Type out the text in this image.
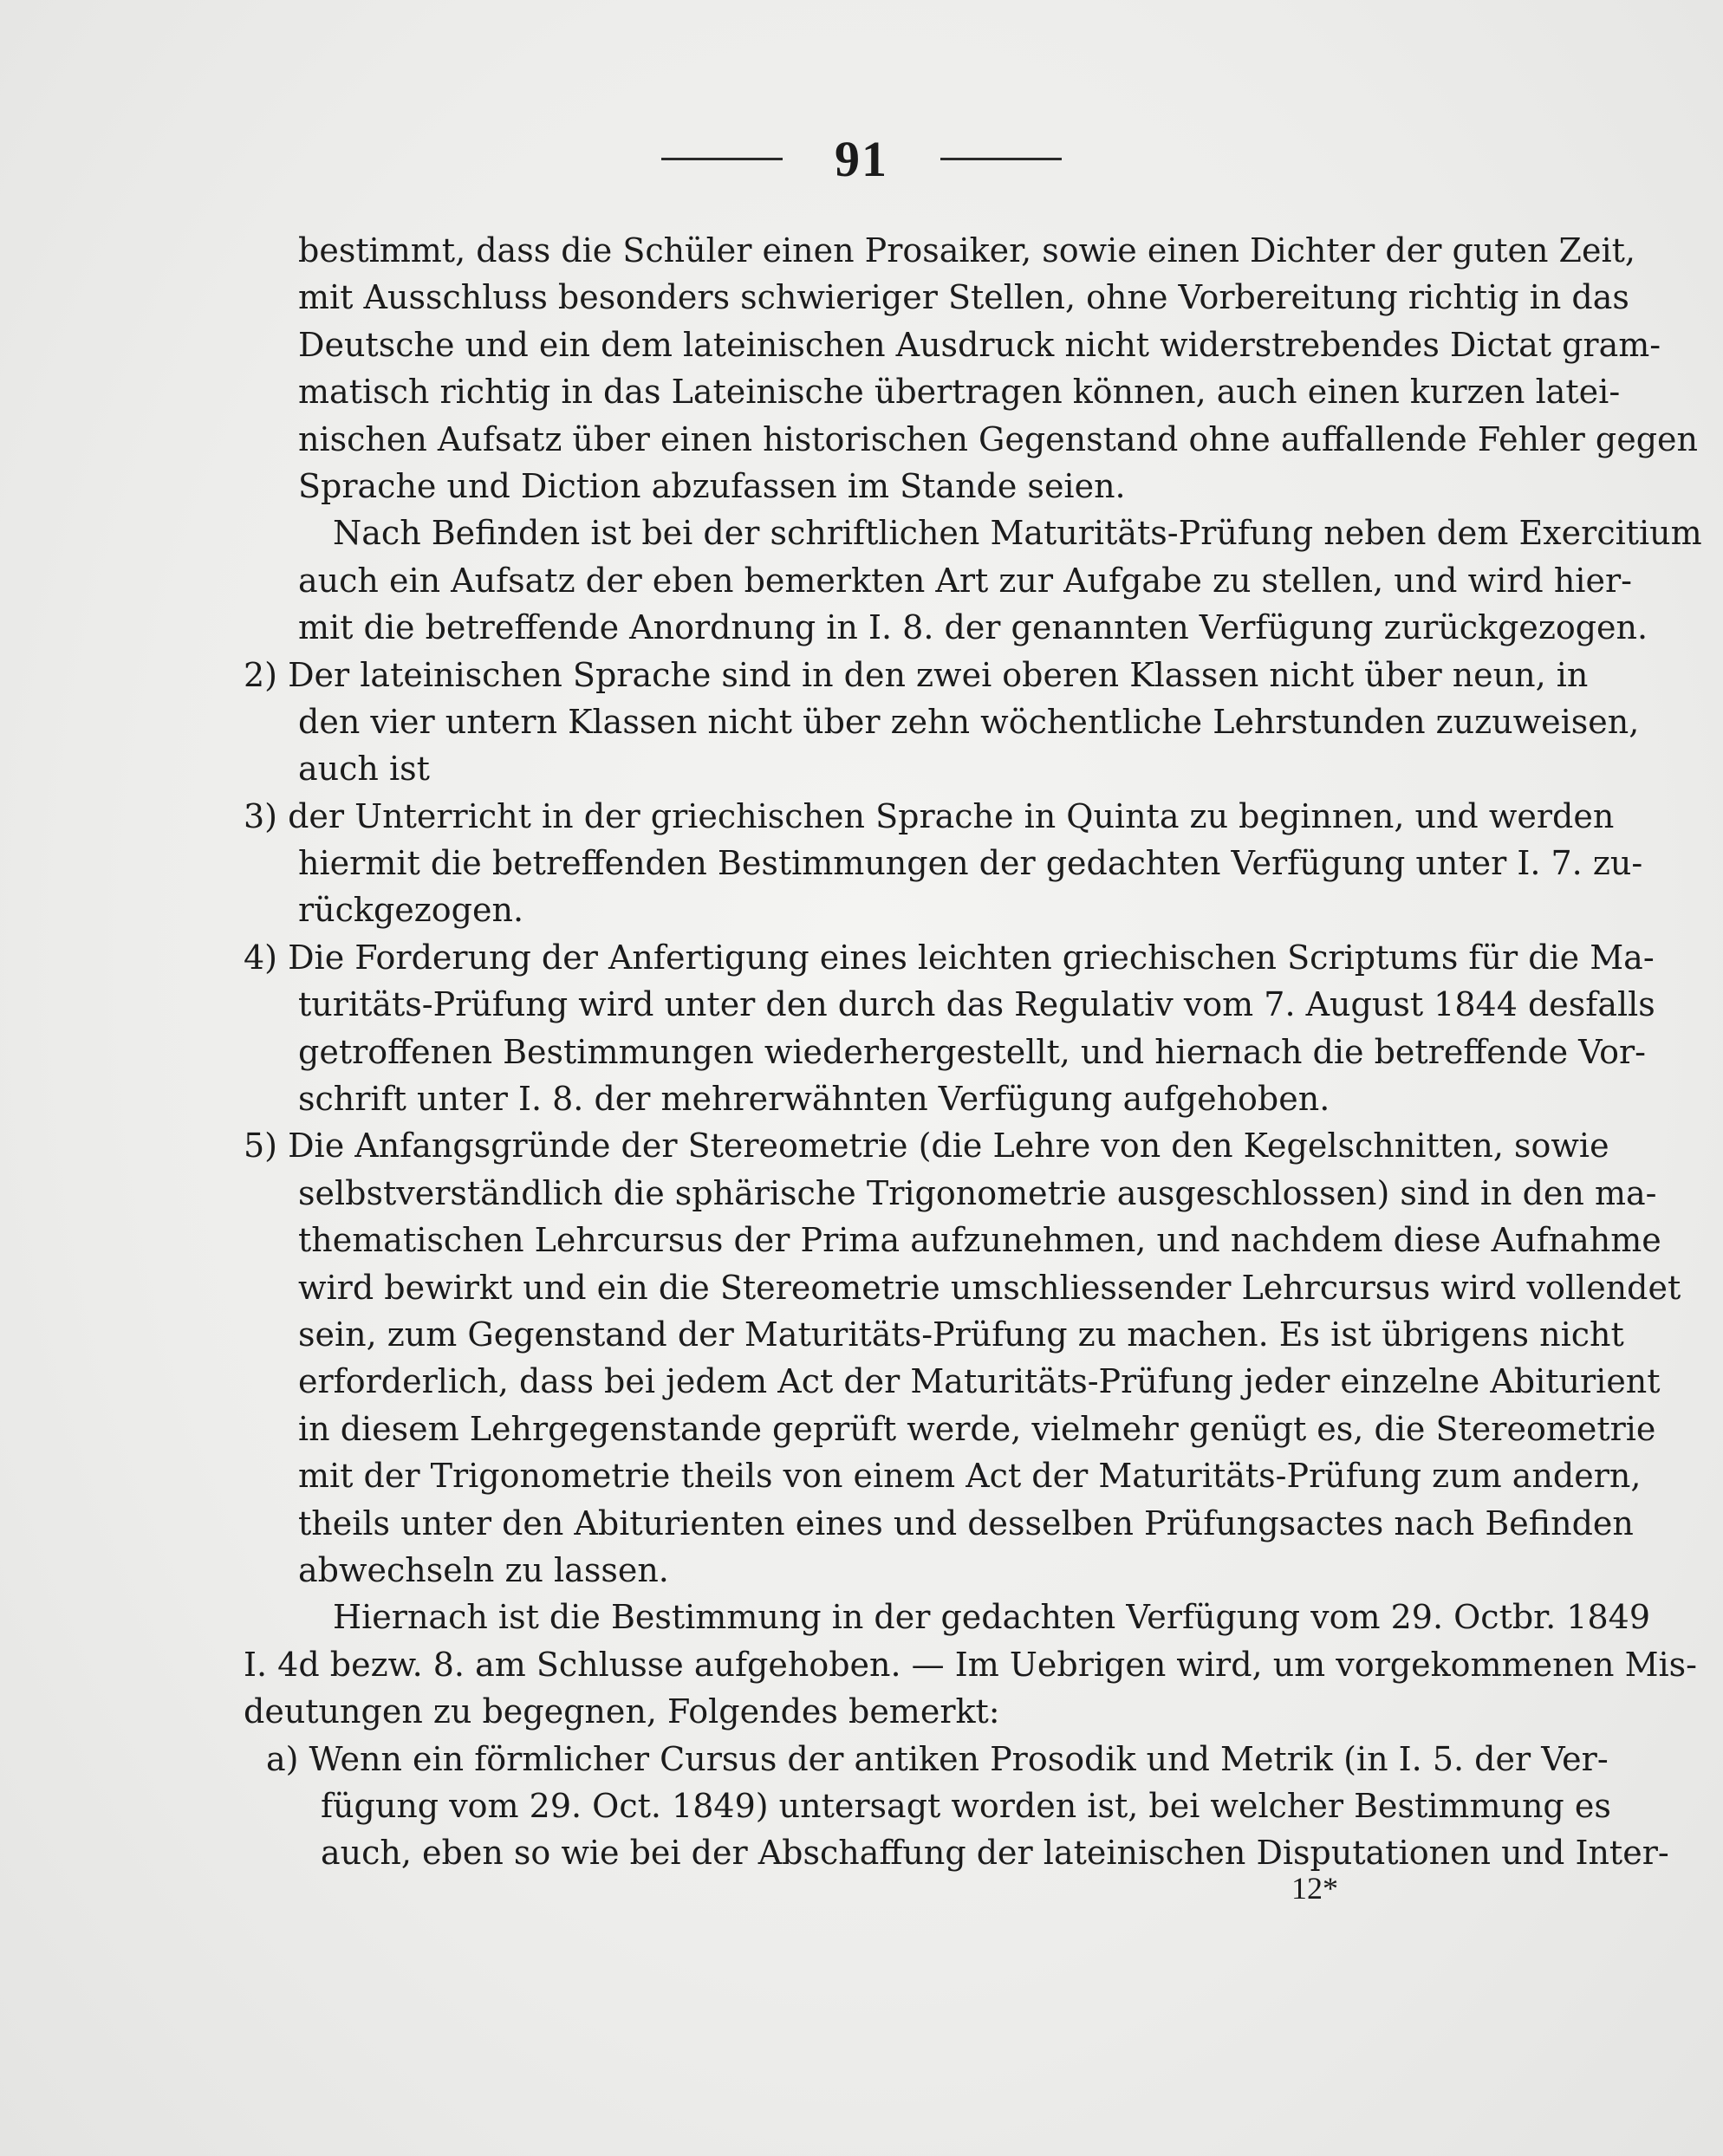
91
bestimmt, dass die Schüler einen Prosaiker, sowie einen Dichter der guten Zeit,
mit Ausschluss besonders schwieriger Stellen, ohne Vorbereitung richtig in das
Deutsche und ein dem lateinischen Ausdruck nicht widerstrebendes Dictat gram-
matisch richtig in das Lateinische übertragen können, auch einen kurzen latei-
nischen Aufsatz über einen historischen Gegenstand ohne auffallende Fehler gegen
Sprache und Diction abzufassen im Stande seien.
Nach Befinden ist bei der schriftlichen Maturitäts-Prüfung neben dem Exercitium
auch ein Aufsatz der eben bemerkten Art zur Aufgabe zu stellen, und wird hier-
mit die betreffende Anordnung in I. 8. der genannten Verfügung zurückgezogen.
2) Der lateinischen Sprache sind in den zwei oberen Klassen nicht über neun, in
den vier untern Klassen nicht über zehn wöchentliche Lehrstunden zuzuweisen,
auch ist
3) der Unterricht in der griechischen Sprache in Quinta zu beginnen, und werden
hiermit die betreffenden Bestimmungen der gedachten Verfügung unter I. 7. zu-
rückgezogen.
4) Die Forderung der Anfertigung eines leichten griechischen Scriptums für die Ma-
turitäts-Prüfung wird unter den durch das Regulativ vom 7. August 1844 desfalls
getroffenen Bestimmungen wiederhergestellt, und hiernach die betreffende Vor-
schrift unter I. 8. der mehrerwähnten Verfügung aufgehoben.
5) Die Anfangsgründe der Stereometrie (die Lehre von den Kegelschnitten, sowie
selbstverständlich die sphärische Trigonometrie ausgeschlossen) sind in den ma-
thematischen Lehrcursus der Prima aufzunehmen, und nachdem diese Aufnahme
wird bewirkt und ein die Stereometrie umschliessender Lehrcursus wird vollendet
sein, zum Gegenstand der Maturitäts-Prüfung zu machen. Es ist übrigens nicht
erforderlich, dass bei jedem Act der Maturitäts-Prüfung jeder einzelne Abiturient
in diesem Lehrgegenstande geprüft werde, vielmehr genügt es, die Stereometrie
mit der Trigonometrie theils von einem Act der Maturitäts-Prüfung zum andern,
theils unter den Abiturienten eines und desselben Prüfungsactes nach Befinden
abwechseln zu lassen.
Hiernach ist die Bestimmung in der gedachten Verfügung vom 29. Octbr. 1849
I. 4d bezw. 8. am Schlusse aufgehoben. — Im Uebrigen wird, um vorgekommenen Mis-
deutungen zu begegnen, Folgendes bemerkt:
a) Wenn ein förmlicher Cursus der antiken Prosodik und Metrik (in I. 5. der Ver-
fügung vom 29. Oct. 1849) untersagt worden ist, bei welcher Bestimmung es
auch, eben so wie bei der Abschaffung der lateinischen Disputationen und Inter-
12*
